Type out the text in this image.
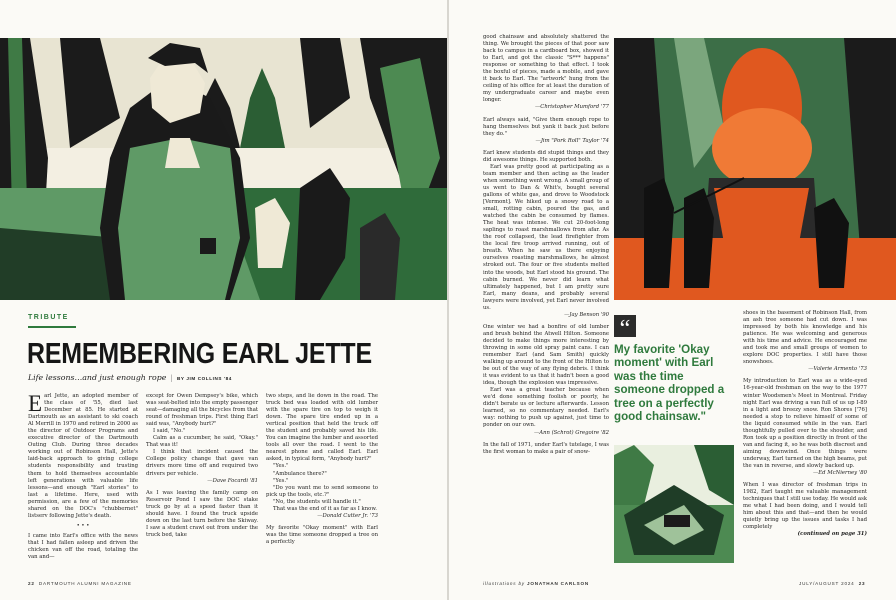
TRIBUTE
REMEMBERING EARL JETTE
Life lessons…and just enough rope | BY JIM COLLINS '84

Earl Jette, an adopted member of the class of '55, died last December at 85. He started at Dartmouth as an assistant to ski coach Al Merrill in 1970 and retired in 2000 as the director of Outdoor Programs and executive director of the Dartmouth Outing Club. During three decades working out of Robinson Hall, Jette's laid-back approach to giving college students responsibility and trusting them to hold themselves accountable left generations with valuable life lessons—and enough "Earl stories" to last a lifetime. Here, used with permission, are a few of the memories shared on the DOC's "chubbernet" listserv following Jette's death.

• • •

I came into Earl's office with the news that I had fallen asleep and driven the chicken van off the road, totaling the van and—

except for Owen Dempsey's bike, which was seat-belted into the empty passenger seat—damaging all the bicycles from that round of freshman trips. First thing Earl said was, "Anybody hurt?"

I said, "No."

Calm as a cucumber, he said, "Okay." That was it!

I think that incident caused the College policy change that gave van drivers more time off and required two drivers per vehicle.

—Dave Focardi '81

As I was leaving the family camp on Reservoir Pond I saw the DOC stake truck go by at a speed faster than it should have. I found the truck upside down on the last turn before the Skiway. I saw a student crawl out from under the truck bed, take

two steps, and lie down in the road. The truck bed was loaded with old lumber with the spare tire on top to weigh it down. The spare tire ended up in a vertical position that held the truck off the student and probably saved his life. You can imagine the lumber and assorted tools all over the road. I went to the nearest phone and called Earl. Earl asked, in typical form, "Anybody hurt?"

"Yes."

"Ambulance there?"

"Yes."

"Do you want me to send someone to pick up the tools, etc.?"

"No, the students will handle it."

That was the end of it as far as I know.

—Donald Cutter Jr. '73

My favorite "Okay moment" with Earl was the time someone dropped a tree on a perfectly

22 DARTMOUTH ALUMNI MAGAZINE

good chainsaw and absolutely shattered the thing. We brought the pieces of that poor saw back to campus in a cardboard box, showed it to Earl, and got the classic "S*** happens" response or something to that effect. I took the boxful of pieces, made a mobile, and gave it back to Earl. The "artwork" hung from the ceiling of his office for at least the duration of my undergraduate career and maybe even longer.

—Christopher Mumford '77

Earl always said, "Give them enough rope to hang themselves but yank it back just before they do."

—Jim "Pork Roll" Taylor '74

Earl knew students did stupid things and they did awesome things. He supported both.

Earl was pretty good at participating as a team member and then acting as the leader when something went wrong. A small group of us went to Dan & Whit's, bought several gallons of white gas, and drove to Woodstock [Vermont]. We hiked up a snowy road to a small, rotting cabin, poured the gas, and watched the cabin be consumed by flames. The heat was intense. We cut 20-foot-long saplings to roast marshmallows from afar. As the roof collapsed, the lead firefighter from the local fire troop arrived running, out of breath. When he saw us there enjoying ourselves roasting marshmallows, he almost stroked out. The four or five students melted into the woods, but Earl stood his ground. The cabin burned. We never did learn what ultimately happened, but I am pretty sure Earl, many deans, and probably several lawyers were involved, yet Earl never involved us.

—Jay Benson '90

One winter we had a bonfire of old lumber and brush behind the Atwell Hilton. Someone decided to make things more interesting by throwing in some old spray paint cans. I can remember Earl (and Sam Smith) quickly walking up around to the front of the Hilton to be out of the way of any flying debris. I think it was evident to us that it hadn't been a good idea, though the explosion was impressive.

Earl was a great teacher because when we'd done something foolish or poorly, he didn't berate us or lecture afterwards. Lesson learned, so no commentary needed. Earl's way: nothing to push up against, just time to ponder on our own.

—Ann (Schrot) Gregoire '82

In the fall of 1971, under Earl's tutelage, I was the first woman to make a pair of snow-

“
My favorite 'Okay moment' with Earl was the time someone dropped a tree on a perfectly good chainsaw."

shoes in the basement of Robinson Hall, from an ash tree someone had cut down. I was impressed by both his knowledge and his patience. He was welcoming and generous with his time and advice. He encouraged me and took me and small groups of women to explore DOC properties. I still have those snowshoes.

—Valerie Armento '73

My introduction to Earl was as a wide-eyed 16-year-old freshman on the way to the 1977 winter Woodsmen's Meet in Montreal. Friday night Earl was driving a van full of us up I-89 in a light and breezy snow. Ron Shores ['76] needed a stop to relieve himself of some of the liquid consumed while in the van. Earl thoughtfully pulled over to the shoulder, and Ron took up a position directly in front of the van and facing it, so he was both discreet and aiming downwind. Once things were underway, Earl turned on the high beams, put the van in reverse, and slowly backed up.

—Ed McNierney '80

When I was director of freshman trips in 1982, Earl taught me valuable management techniques that I still use today. He would ask me what I had been doing, and I would tell him about this and that—and then he would quietly bring up the issues and tasks I had completely

(continued on page 31)

illustrations by JONATHAN CARLSON	JULY/AUGUST 2024 23
